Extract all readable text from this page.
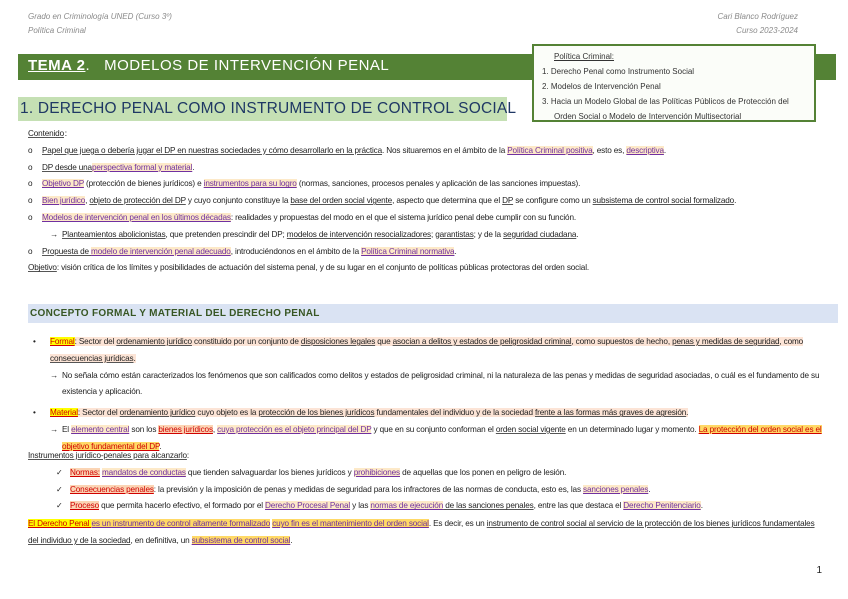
Grado en Criminología UNED (Curso 3º)
Política Criminal
Cari Blanco Rodríguez
Curso 2023-2024
TEMA 2. MODELOS DE INTERVENCIÓN PENAL
Política Criminal:
1. Derecho Penal como Instrumento Social
2. Modelos de Intervención Penal
3. Hacia un Modelo Global de las Políticas Públicos de Protección del Orden Social o Modelo de Intervención Multisectorial
1. DERECHO PENAL COMO INSTRUMENTO DE CONTROL SOCIAL
Contenido：
o Papel que juega o debería jugar el DP en nuestras sociedades y cómo desarrollarlo en la práctica. Nos situaremos en el ámbito de la Política Criminal positiva, esto es, descriptiva.
o DP desde unaperspectiva formal y material.
o Objetivo DP (protección de bienes jurídicos) e instrumentos para su logro (normas, sanciones, procesos penales y aplicación de las sanciones impuestas).
o Bien jurídico, objeto de protección del DP y cuyo conjunto constituye la base del orden social vigente, aspecto que determina que el DP se configure como un subsistema de control social formalizado.
o Modelos de intervención penal en los últimos décadas: realidades y propuestas del modo en el que el sistema jurídico penal debe cumplir con su función.
→ Planteamientos abolicionistas, que pretenden prescindir del DP; modelos de intervención resocializadores; garantistas; y de la seguridad ciudadana.
o Propuesta de modelo de intervención penal adecuado, introduciéndonos en el ámbito de la Política Criminal normativa.
Objetivo: visión crítica de los límites y posibilidades de actuación del sistema penal, y de su lugar en el conjunto de políticas públicas protectoras del orden social.
CONCEPTO FORMAL Y MATERIAL DEL DERECHO PENAL
• Formal: Sector del ordenamiento jurídico constituido por un conjunto de disposiciones legales que asocian a delitos y estados de peligrosidad criminal, como supuestos de hecho, penas y medidas de seguridad, como consecuencias jurídicas.
→ No señala cómo están caracterizados los fenómenos que son calificados como delitos y estados de peligrosidad criminal, ni la naturaleza de las penas y medidas de seguridad asociadas, o cuál es el fundamento de su existencia y aplicación.
• Material: Sector del ordenamiento jurídico cuyo objeto es la protección de los bienes jurídicos fundamentales del individuo y de la sociedad frente a las formas más graves de agresión.
→ El elemento central son los bienes jurídicos, cuya protección es el objeto principal del DP y que en su conjunto conforman el orden social vigente en un determinado lugar y momento. La protección del orden social es el objetivo fundamental del DP.
Instrumentos jurídico-penales para alcanzarlo:
✓ Normas: mandatos de conductas que tienden salvaguardar los bienes jurídicos y prohibiciones de aquellas que los ponen en peligro de lesión.
✓ Consecuencias penales: la previsión y la imposición de penas y medidas de seguridad para los infractores de las normas de conducta, esto es, las sanciones penales.
✓ Proceso que permita hacerlo efectivo, el formado por el Derecho Procesal Penal y las normas de ejecución de las sanciones penales, entre las que destaca el Derecho Penitenciario.
El Derecho Penal es un instrumento de control altamente formalizado cuyo fin es el mantenimiento del orden social. Es decir, es un instrumento de control social al servicio de la protección de los bienes jurídicos fundamentales del individuo y de la sociedad, en definitiva, un subsistema de control social.
1
